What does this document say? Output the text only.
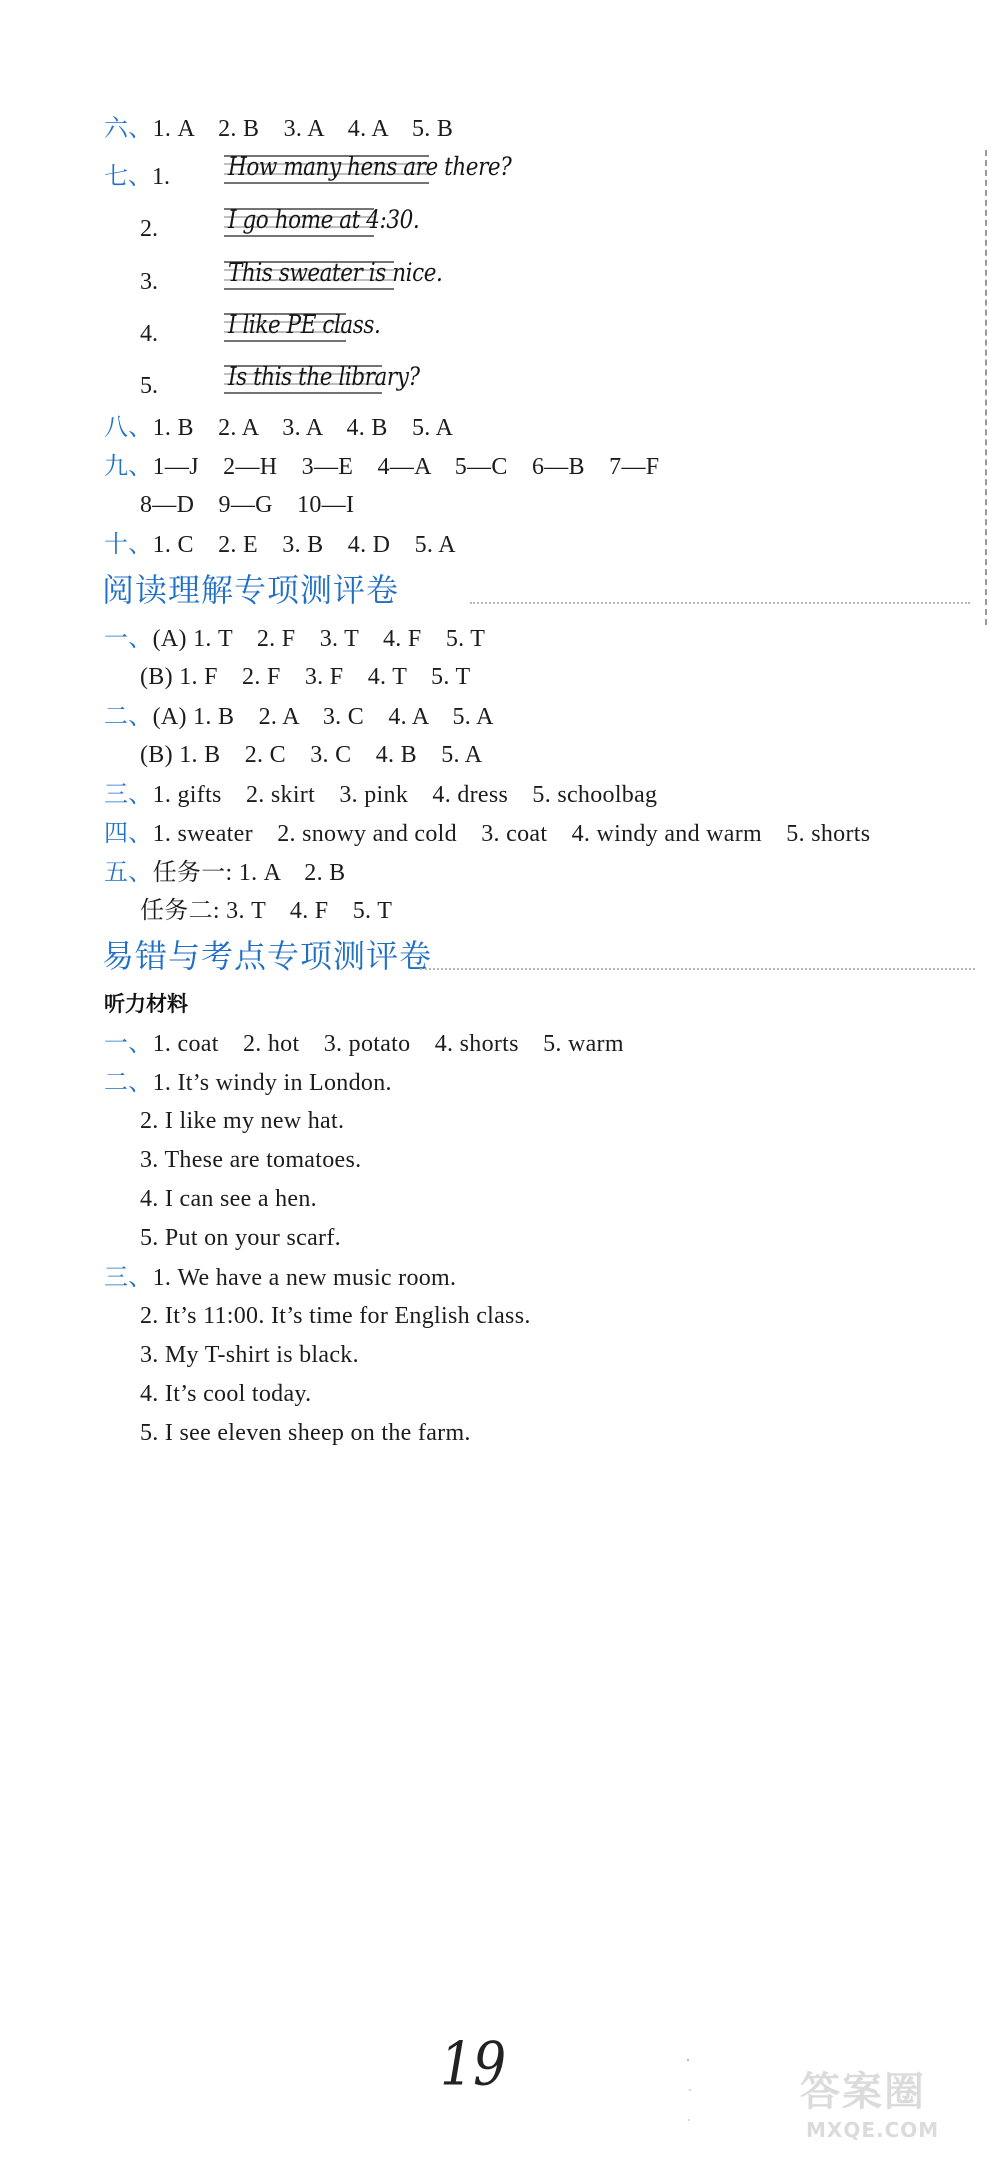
六、1. A　2. B　3. A　4. A　5. B
七、1. How many hens are there?
2.	I go home at 4:30.
3.	This sweater is nice.
4.	I like PE class.
5.	Is this the library?
八、1. B　2. A　3. A　4. B　5. A
九、1—J　2—H　3—E　4—A　5—C　6—B　7—F
8—D　9—G　10—I
十、1. C　2. E　3. B　4. D　5. A
阅读理解专项测评卷
一、(A) 1. T　2. F　3. T　4. F　5. T
(B) 1. F　2. F　3. F　4. T　5. T
二、(A) 1. B　2. A　3. C　4. A　5. A
(B) 1. B　2. C　3. C　4. B　5. A
三、1. gifts　2. skirt　3. pink　4. dress　5. schoolbag
四、1. sweater　2. snowy and cold　3. coat　4. windy and warm　5. shorts
五、任务一: 1. A　2. B
任务二: 3. T　4. F　5. T
易错与考点专项测评卷
听力材料
一、1. coat　2. hot　3. potato　4. shorts　5. warm
二、1. It’s windy in London.
2. I like my new hat.
3. These are tomatoes.
4. I can see a hen.
5. Put on your scarf.
三、1. We have a new music room.
2. It’s 11:00. It’s time for English class.
3. My T-shirt is black.
4. It’s cool today.
5. I see eleven sheep on the farm.
19	答案圈
MXQE.COM
